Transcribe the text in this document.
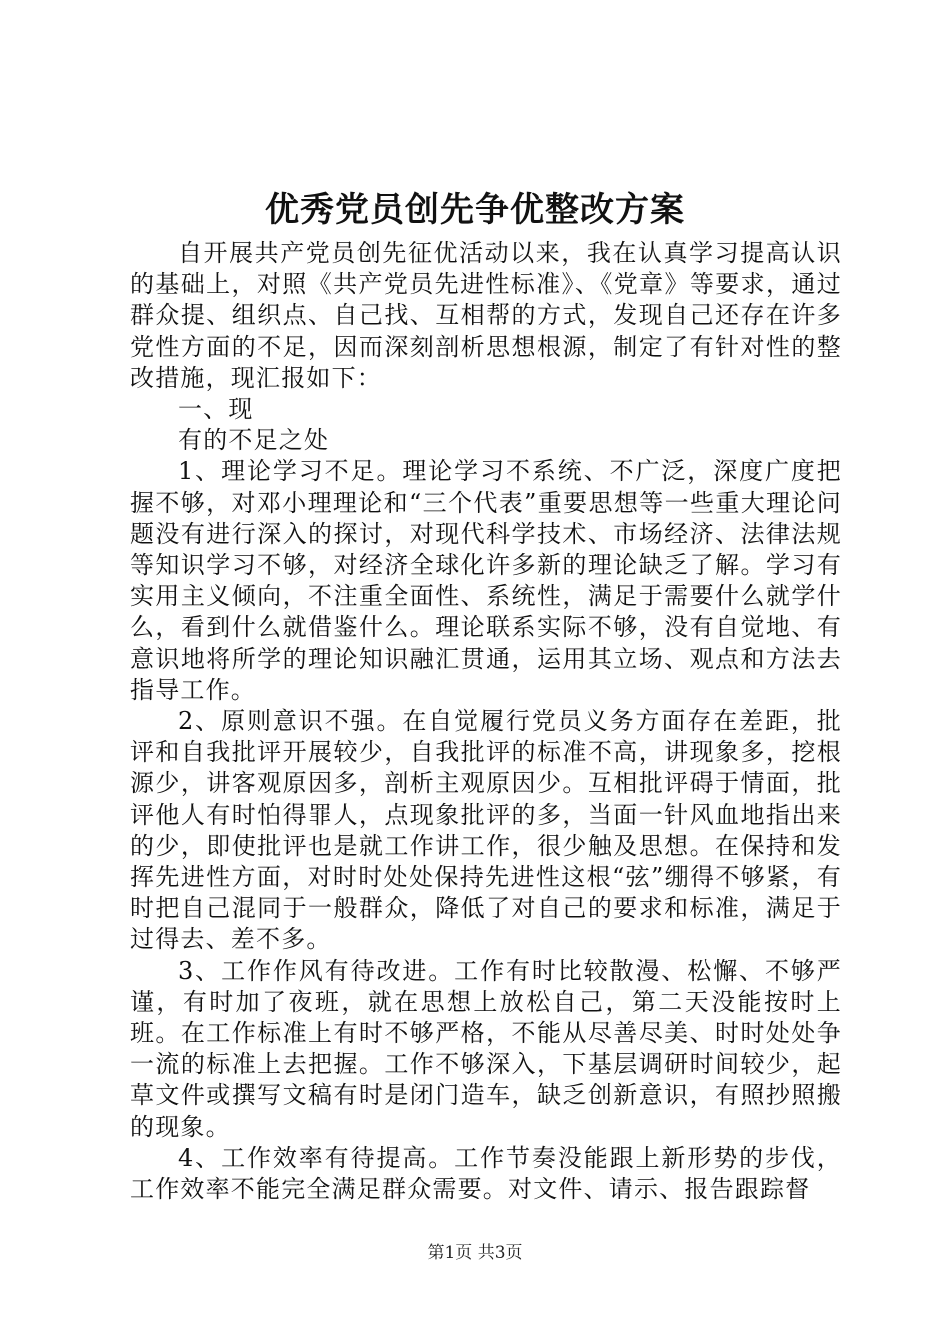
优秀党员创先争优整改方案

自开展共产党员创先征优活动以来，我在认真学习提高认识的基础上，对照《共产党员先进性标准》、《党章》等要求，通过群众提、组织点、自己找、互相帮的方式，发现自己还存在许多党性方面的不足，因而深刻剖析思想根源，制定了有针对性的整改措施，现汇报如下：

一、现

有的不足之处

1、理论学习不足。理论学习不系统、不广泛，深度广度把握不够，对邓小理理论和“三个代表”重要思想等一些重大理论问题没有进行深入的探讨，对现代科学技术、市场经济、法律法规等知识学习不够，对经济全球化许多新的理论缺乏了解。学习有实用主义倾向，不注重全面性、系统性，满足于需要什么就学什么，看到什么就借鉴什么。理论联系实际不够，没有自觉地、有意识地将所学的理论知识融汇贯通，运用其立场、观点和方法去指导工作。

2、原则意识不强。在自觉履行党员义务方面存在差距，批评和自我批评开展较少，自我批评的标准不高，讲现象多，挖根源少，讲客观原因多，剖析主观原因少。互相批评碍于情面，批评他人有时怕得罪人，点现象批评的多，当面一针风血地指出来的少，即使批评也是就工作讲工作，很少触及思想。在保持和发挥先进性方面，对时时处处保持先进性这根“弦”绷得不够紧，有时把自己混同于一般群众，降低了对自己的要求和标准，满足于过得去、差不多。

3、工作作风有待改进。工作有时比较散漫、松懈、不够严谨，有时加了夜班，就在思想上放松自己，第二天没能按时上班。在工作标准上有时不够严格，不能从尽善尽美、时时处处争一流的标准上去把握。工作不够深入，下基层调研时间较少，起草文件或撰写文稿有时是闭门造车，缺乏创新意识，有照抄照搬的现象。

4、工作效率有待提高。工作节奏没能跟上新形势的步伐，工作效率不能完全满足群众需要。对文件、请示、报告跟踪督

第1页 共3页
